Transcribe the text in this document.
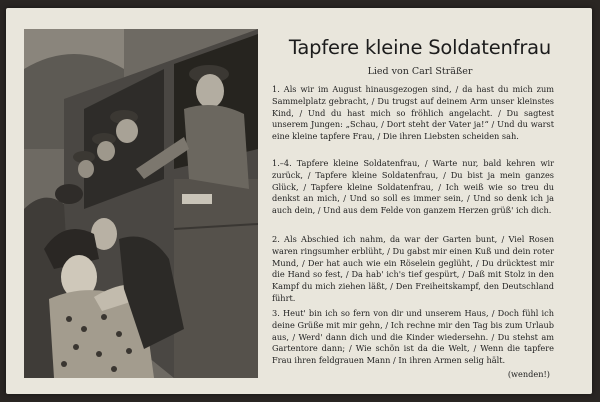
Tapfere kleine Soldatenfrau
Lied von Carl Sträßer
1. Als wir im August hinausgezogen sind, / da hast du mich zum Sammelplatz gebracht, / Du trugst auf deinem Arm unser kleinstes Kind, / Und du hast mich so fröhlich angelacht. / Du sagtest unserem Jungen: „Schau, / Dort steht der Vater ja!“ / Und du warst eine kleine tapfere Frau, / Die ihren Liebsten scheiden sah.
1.–4. Tapfere kleine Soldatenfrau, / Warte nur, bald kehren wir zurück, / Tapfere kleine Soldatenfrau, / Du bist ja mein ganzes Glück, / Tapfere kleine Soldatenfrau, / Ich weiß wie so treu du denkst an mich, / Und so soll es immer sein, / Und so denk ich ja auch dein, / Und aus dem Felde von ganzem Herzen grüß' ich dich.
2. Als Abschied ich nahm, da war der Garten bunt, / Viel Rosen waren ringsumher erblüht, / Du gabst mir einen Kuß und dein roter Mund, / Der hat auch wie ein Röselein geglüht, / Du drücktest mir die Hand so fest, / Da hab' ich's tief gespürt, / Daß mit Stolz in den Kampf du mich ziehen läßt, / Den Freiheitskampf, den Deutschland führt.
3. Heut' bin ich so fern von dir und unserem Haus, / Doch fühl ich deine Grüße mit mir gehn, / Ich rechne mir den Tag bis zum Urlaub aus, / Werd' dann dich und die Kinder wiedersehn. / Du stehst am Gartentore dann; / Wie schön ist da die Welt, / Wenn die tapfere Frau ihren feldgrauen Mann / In ihren Armen selig hält.
(wenden!)
